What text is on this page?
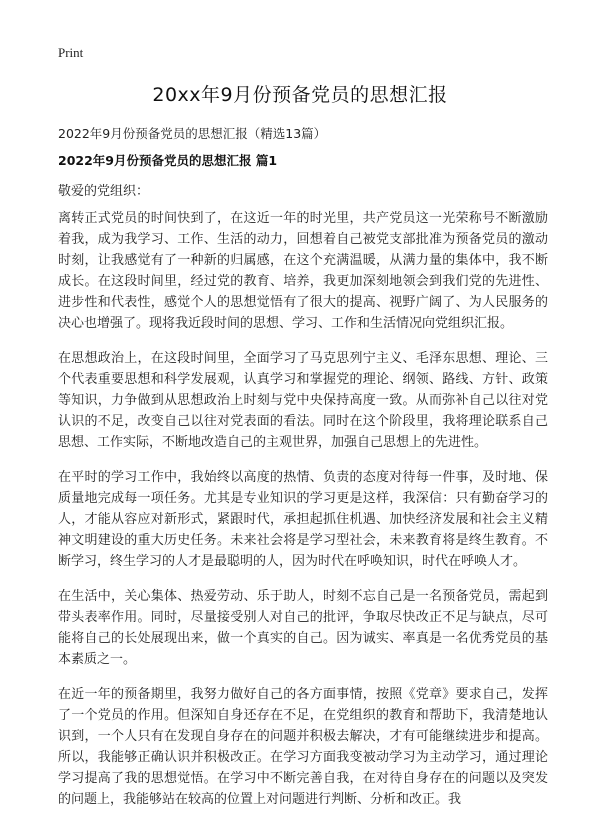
Print
20xx年9月份预备党员的思想汇报
2022年9月份预备党员的思想汇报（精选13篇）
2022年9月份预备党员的思想汇报 篇1
敬爱的党组织：

离转正式党员的时间快到了，在这近一年的时光里，共产党员这一光荣称号不断激励着我，成为我学习、工作、生活的动力，回想着自己被党支部批准为预备党员的激动时刻，让我感觉有了一种新的归属感，在这个充满温暖，从满力量的集体中，我不断成长。在这段时间里，经过党的教育、培养，我更加深刻地领会到我们党的先进性、进步性和代表性，感觉个人的思想觉悟有了很大的提高、视野广阔了、为人民服务的决心也增强了。现将我近段时间的思想、学习、工作和生活情况向党组织汇报。

在思想政治上，在这段时间里，全面学习了马克思列宁主义、毛泽东思想、理论、三个代表重要思想和科学发展观，认真学习和掌握党的理论、纲领、路线、方针、政策等知识，力争做到从思想政治上时刻与党中央保持高度一致。从而弥补自己以往对党认识的不足，改变自己以往对党表面的看法。同时在这个阶段里，我将理论联系自己思想、工作实际，不断地改造自己的主观世界，加强自己思想上的先进性。

在平时的学习工作中，我始终以高度的热情、负责的态度对待每一件事，及时地、保质量地完成每一项任务。尤其是专业知识的学习更是这样，我深信：只有勤奋学习的人，才能从容应对新形式，紧跟时代，承担起抓住机遇、加快经济发展和社会主义精神文明建设的重大历史任务。未来社会将是学习型社会，未来教育将是终生教育。不断学习，终生学习的人才是最聪明的人，因为时代在呼唤知识，时代在呼唤人才。

在生活中，关心集体、热爱劳动、乐于助人，时刻不忘自己是一名预备党员，需起到带头表率作用。同时，尽量接受别人对自己的批评，争取尽快改正不足与缺点，尽可能将自己的长处展现出来，做一个真实的自己。因为诚实、率真是一名优秀党员的基本素质之一。

在近一年的预备期里，我努力做好自己的各方面事情，按照《党章》要求自己，发挥了一个党员的作用。但深知自身还存在不足，在党组织的教育和帮助下，我清楚地认识到，一个人只有在发现自身存在的问题并积极去解决，才有可能继续进步和提高。所以，我能够正确认识并积极改正。在学习方面我变被动学习为主动学习，通过理论学习提高了我的思想觉悟。在学习中不断完善自我，在对待自身存在的问题以及突发的问题上，我能够站在较高的位置上对问题进行判断、分析和改正。我
